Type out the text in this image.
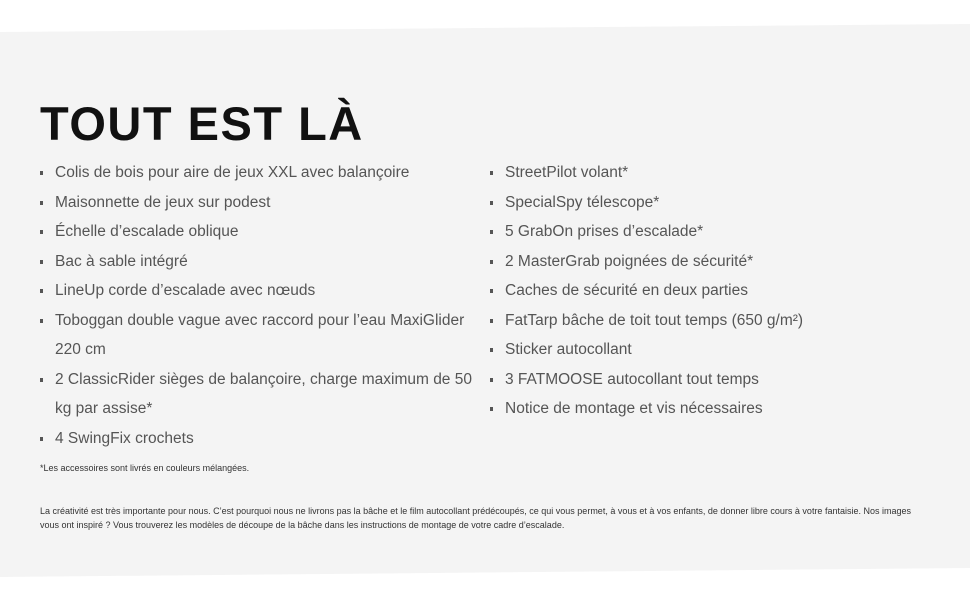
TOUT EST LÀ
Colis de bois pour aire de jeux XXL avec balançoire
Maisonnette de jeux sur podest
Échelle d’escalade oblique
Bac à sable intégré
LineUp corde d’escalade avec nœuds
Toboggan double vague avec raccord pour l’eau MaxiGlider 220 cm
2 ClassicRider sièges de balançoire, charge maximum de 50 kg par assise*
4 SwingFix crochets
StreetPilot volant*
SpecialSpy télescope*
5 GrabOn prises d’escalade*
2 MasterGrab poignées de sécurité*
Caches de sécurité en deux parties
FatTarp bâche de toit tout temps (650 g/m²)
Sticker autocollant
3 FATMOOSE autocollant tout temps
Notice de montage et vis nécessaires

*Les accessoires sont livrés en couleurs mélangées.

La créativité est très importante pour nous. C’est pourquoi nous ne livrons pas la bâche et le film autocollant prédécoupés, ce qui vous permet, à vous et à vos enfants, de donner libre cours à votre fantaisie. Nos images vous ont inspiré ? Vous trouverez les modèles de découpe de la bâche dans les instructions de montage de votre cadre d’escalade.
